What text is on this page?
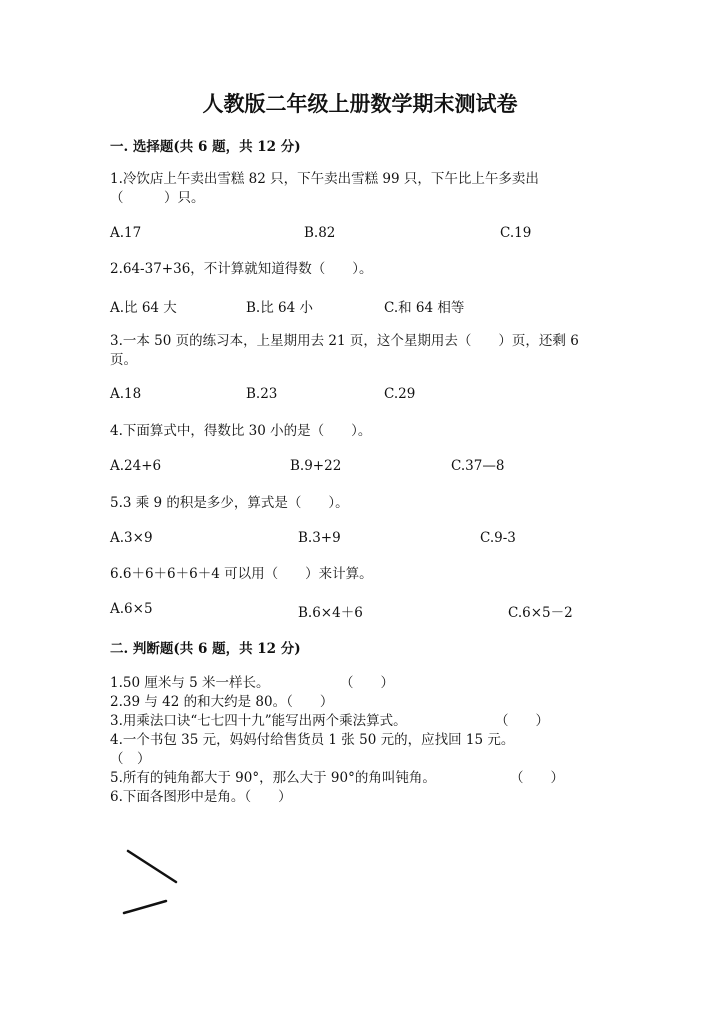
人教版二年级上册数学期末测试卷
一. 选择题(共 6 题，共 12 分)
1.冷饮店上午卖出雪糕 82 只，下午卖出雪糕 99 只，下午比上午多卖出
（　　　）只。
A.17	B.82	C.19
2.64-37+36，不计算就知道得数（　　）。
A.比 64 大	B.比 64 小	C.和 64 相等
3.一本 50 页的练习本，上星期用去 21 页，这个星期用去（　　）页，还剩 6
页。
A.18	B.23	C.29
4.下面算式中，得数比 30 小的是（　　）。
A.24+6	B.9+22	C.37—8
5.3 乘 9 的积是多少，算式是（　　）。
A.3×9	B.3+9	C.9-3
6.6＋6＋6＋6＋4 可以用（　　）来计算。
A.6×5	B.6×4＋6	C.6×5－2
二. 判断题(共 6 题，共 12 分)
1.50 厘米与 5 米一样长。	（　　）
2.39 与 42 的和大约是 80。（　　）
3.用乘法口诀“七七四十九”能写出两个乘法算式。	（　　）
4.一个书包 35 元，妈妈付给售货员 1 张 50 元的，应找回 15 元。
（　）
5.所有的钝角都大于 90°，那么大于 90°的角叫钝角。	（　　）
6.下面各图形中是角。（　　）
